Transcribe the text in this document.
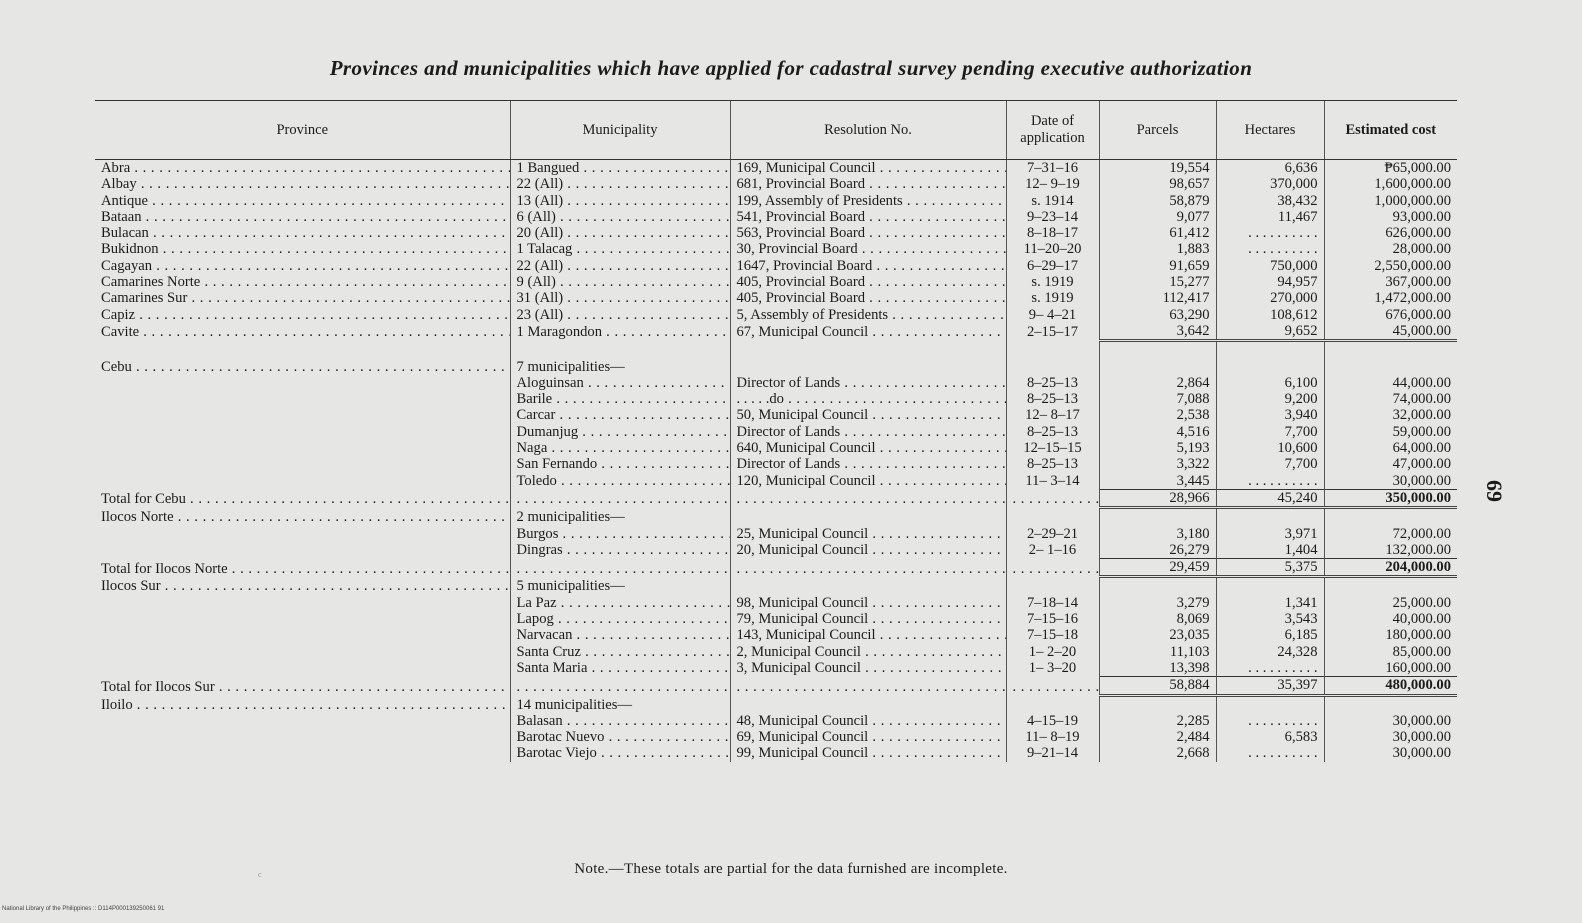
Provinces and municipalities which have applied for cadastral survey pending executive authorization
69
Province	Municipality	Resolution No.	Date of application	Parcels	Hectares	Estimated cost
Abra . . .	1 Bangued . . .	169, Municipal Council . . .	7–31–16	19,554	6,636	₱65,000.00
Albay . . .	22 (All) . . .	681, Provincial Board . . .	12– 9–19	98,657	370,000	1,600,000.00
Antique . . .	13 (All) . . .	199, Assembly of Presidents . . .	s. 1914	58,879	38,432	1,000,000.00
Bataan . . .	6 (All) . . .	541, Provincial Board . . .	9–23–14	9,077	11,467	93,000.00
Bulacan . . .	20 (All) . . .	563, Provincial Board . . .	8–18–17	61,412	. . . . . . . . . .	626,000.00
Bukidnon . . .	1 Talacag . . .	30, Provincial Board . . .	11–20–20	1,883	. . . . . . . . . .	28,000.00
Cagayan . . .	22 (All) . . .	1647, Provincial Board . . .	6–29–17	91,659	750,000	2,550,000.00
Camarines Norte . . .	9 (All) . . .	405, Provincial Board . . .	s. 1919	15,277	94,957	367,000.00
Camarines Sur . . .	31 (All) . . .	405, Provincial Board . . .	s. 1919	112,417	270,000	1,472,000.00
Capiz . . .	23 (All) . . .	5, Assembly of Presidents . . .	9– 4–21	63,290	108,612	676,000.00
Cavite . . .	1 Maragondon . . .	67, Municipal Council . . .	2–15–17	3,642	9,652	45,000.00

Cebu . . .	7 municipalities—					
	Aloguinsan . . .	Director of Lands . . .	8–25–13	2,864	6,100	44,000.00
	Barile . . .	. . . . .do . . .	8–25–13	7,088	9,200	74,000.00
	Carcar . . .	50, Municipal Council . . .	12– 8–17	2,538	3,940	32,000.00
	Dumanjug . . .	Director of Lands . . .	8–25–13	4,516	7,700	59,000.00
	Naga . . .	640, Municipal Council . . .	12–15–15	5,193	10,600	64,000.00
	San Fernando . . .	Director of Lands . . .	8–25–13	3,322	7,700	47,000.00
	Toledo . . .	120, Municipal Council . . .	11– 3–14	3,445	. . . . . . . . . .	30,000.00
Total for Cebu . . .	. . .	. . .	. . .	28,966	45,240	350,000.00
Ilocos Norte . . .	2 municipalities—					
	Burgos . . .	25, Municipal Council . . .	2–29–21	3,180	3,971	72,000.00
	Dingras . . .	20, Municipal Council . . .	2– 1–16	26,279	1,404	132,000.00
Total for Ilocos Norte . . .	. . .	. . .	. . .	29,459	5,375	204,000.00
Ilocos Sur . . .	5 municipalities—					
	La Paz . . .	98, Municipal Council . . .	7–18–14	3,279	1,341	25,000.00
	Lapog . . .	79, Municipal Council . . .	7–15–16	8,069	3,543	40,000.00
	Narvacan . . .	143, Municipal Council . . .	7–15–18	23,035	6,185	180,000.00
	Santa Cruz . . .	2, Municipal Council . . .	1– 2–20	11,103	24,328	85,000.00
	Santa Maria . . .	3, Municipal Council . . .	1– 3–20	13,398	. . . . . . . . . .	160,000.00
Total for Ilocos Sur . . .	. . .	. . .	. . .	58,884	35,397	480,000.00
Iloilo . . .	14 municipalities—					
	Balasan . . .	48, Municipal Council . . .	4–15–19	2,285	. . . . . . . . . .	30,000.00
	Barotac Nuevo . . .	69, Municipal Council . . .	11– 8–19	2,484	6,583	30,000.00
	Barotac Viejo . . .	99, Municipal Council . . .	9–21–14	2,668	. . . . . . . . . .	30,000.00
Note.—These totals are partial for the data furnished are incomplete.
c
National Library of the Philippines :: D114P000139250061 91
